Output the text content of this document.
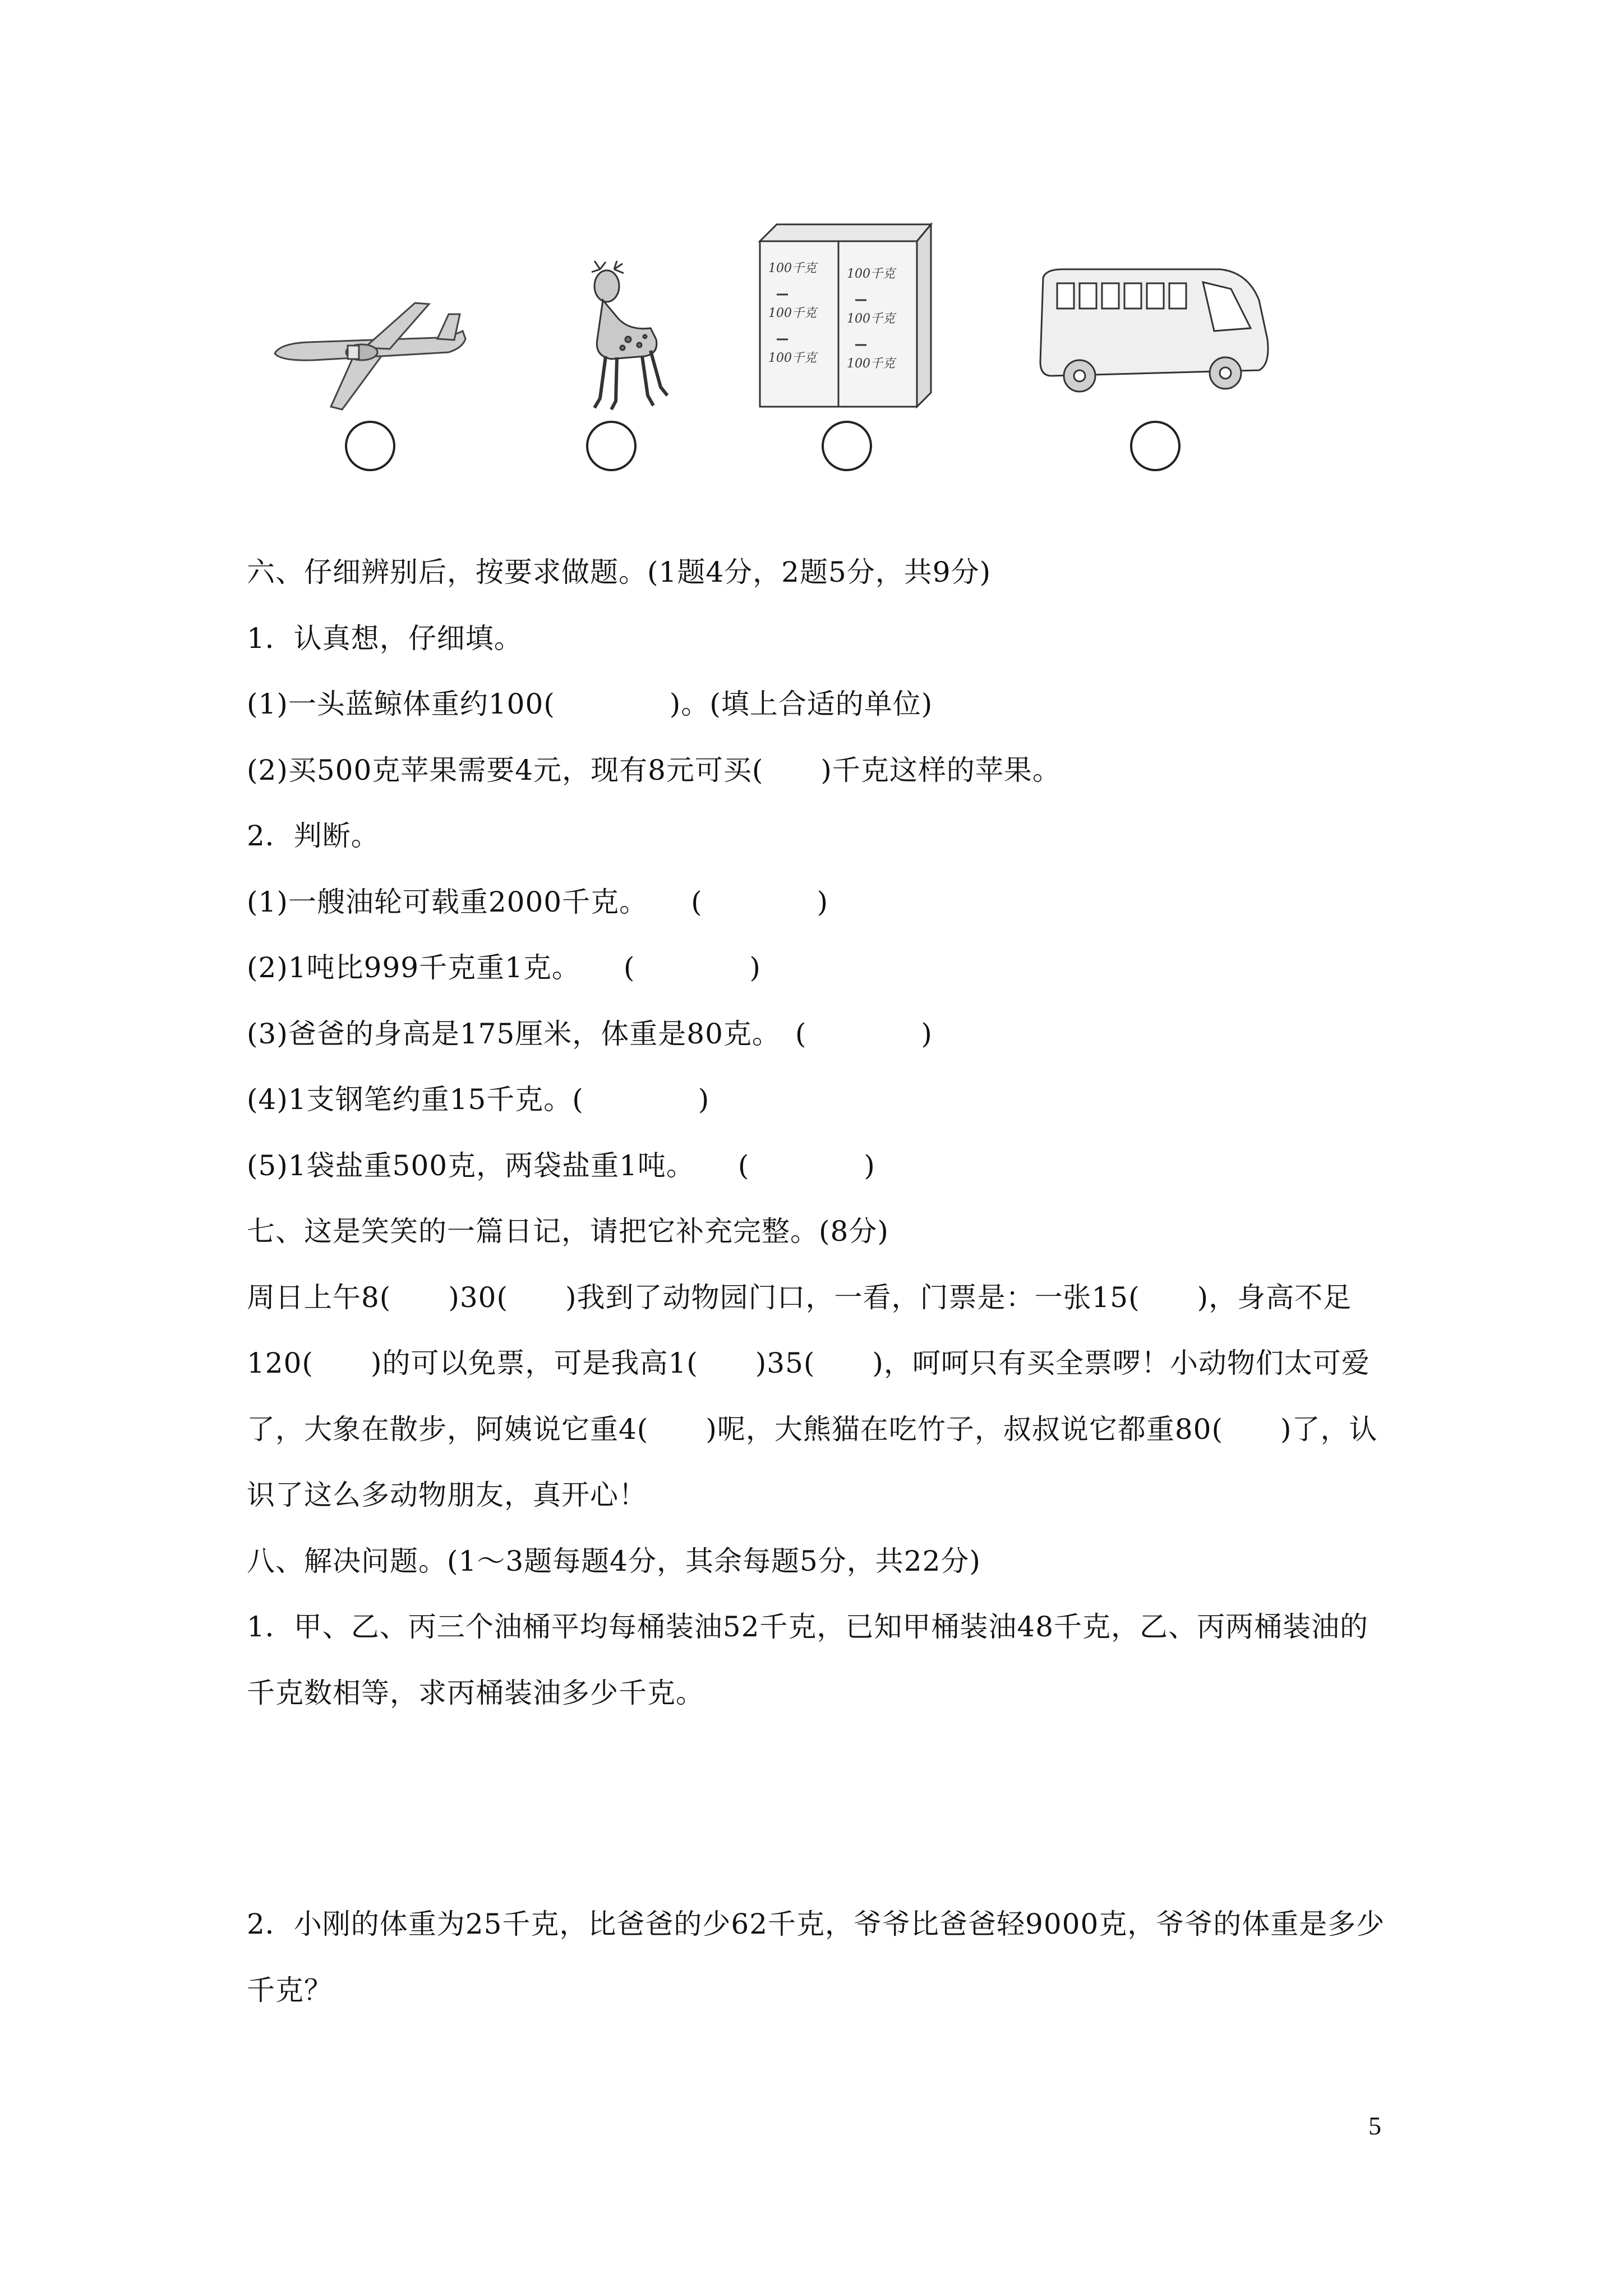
100千克 100千克
100千克 100千克
100千克 100千克
六、仔细辨别后，按要求做题。(1题4分，2题5分，共9分)
1．认真想，仔细填。
(1)一头蓝鲸体重约100(　　　　)。(填上合适的单位)
(2)买500克苹果需要4元，现有8元可买(　　)千克这样的苹果。
2．判断。
(1)一艘油轮可载重2000千克。　　(　　　　)
(2)1吨比999千克重1克。　　(　　　　)
(3)爸爸的身高是175厘米，体重是80克。　(　　　　)
(4)1支钢笔约重15千克。(　　　　)
(5)1袋盐重500克，两袋盐重1吨。　　(　　　　)
七、这是笑笑的一篇日记，请把它补充完整。(8分)
周日上午8(　　)30(　　)我到了动物园门口，一看，门票是：一张15(　　)，身高不足
120(　　)的可以免票，可是我高1(　　)35(　　)，呵呵只有买全票啰！小动物们太可爱
了，大象在散步，阿姨说它重4(　　)呢，大熊猫在吃竹子，叔叔说它都重80(　　)了，认
识了这么多动物朋友，真开心！
八、解决问题。(1～3题每题4分，其余每题5分，共22分)
1．甲、乙、丙三个油桶平均每桶装油52千克，已知甲桶装油48千克，乙、丙两桶装油的
千克数相等，求丙桶装油多少千克。
2．小刚的体重为25千克，比爸爸的少62千克，爷爷比爸爸轻9000克，爷爷的体重是多少
千克？
5
